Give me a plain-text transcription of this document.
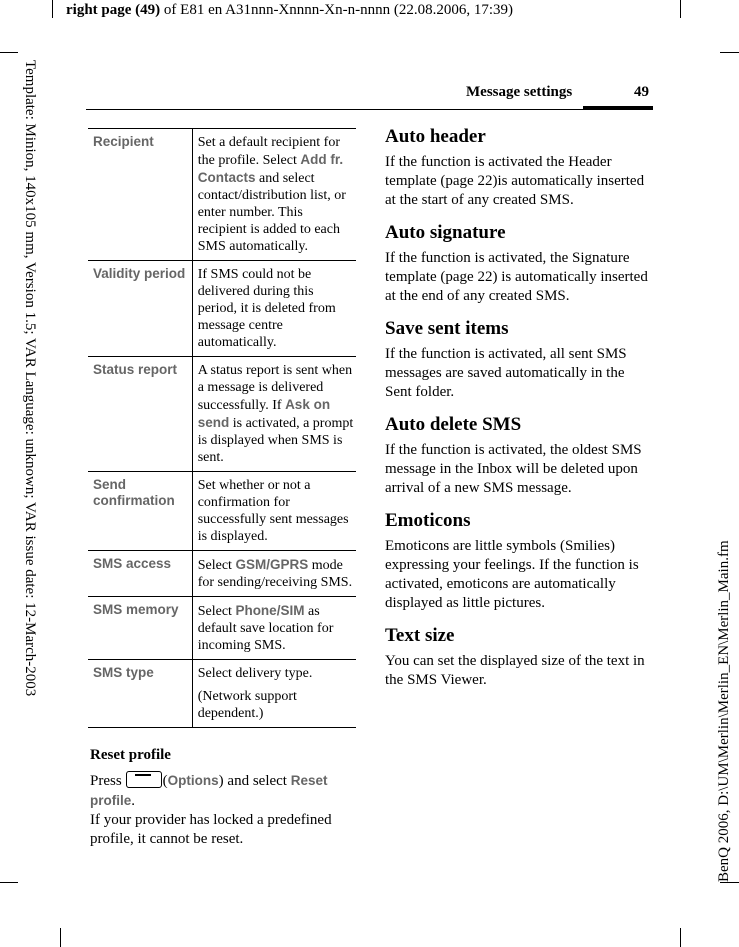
right page (49) of E81 en A31nnn-Xnnnn-Xn-n-nnnn (22.08.2006, 17:39)
Template: Minion, 140x105 mm, Version 1.5; VAR Language: unknown; VAR issue date: 12-March-2003
BenQ 2006, D:\UM\Merlin\Merlin_EN\Merlin_Main.fm
Message settings	49
Recipient	Set a default recipient for the profile. Select Add fr. Contacts and select contact/distribution list, or enter number. This recipient is added to each SMS automatically.
Validity period	If SMS could not be delivered during this period, it is deleted from message centre automatically.
Status report	A status report is sent when a message is delivered successfully. If Ask on send is activated, a prompt is displayed when SMS is sent.
Send confirmation	Set whether or not a confirmation for successfully sent messages is displayed.
SMS access	Select GSM/GPRS mode for sending/receiving SMS.
SMS memory	Select Phone/SIM as default save location for incoming SMS.
SMS type	Select delivery type.
(Network support dependent.)
Reset profile

Press	(Options) and select Reset profile.

If your provider has locked a predefined profile, it cannot be reset.

Auto header

If the function is activated the Header template (page 22)is automatically inserted at the start of any created SMS.

Auto signature

If the function is activated, the Signature template (page 22) is automatically inserted at the end of any created SMS.

Save sent items

If the function is activated, all sent SMS messages are saved automatically in the Sent folder.

Auto delete SMS

If the function is activated, the oldest SMS message in the Inbox will be deleted upon arrival of a new SMS message.

Emoticons

Emoticons are little symbols (Smilies) expressing your feelings. If the function is activated, emoticons are automatically displayed as little pictures.

Text size

You can set the displayed size of the text in the SMS Viewer.
